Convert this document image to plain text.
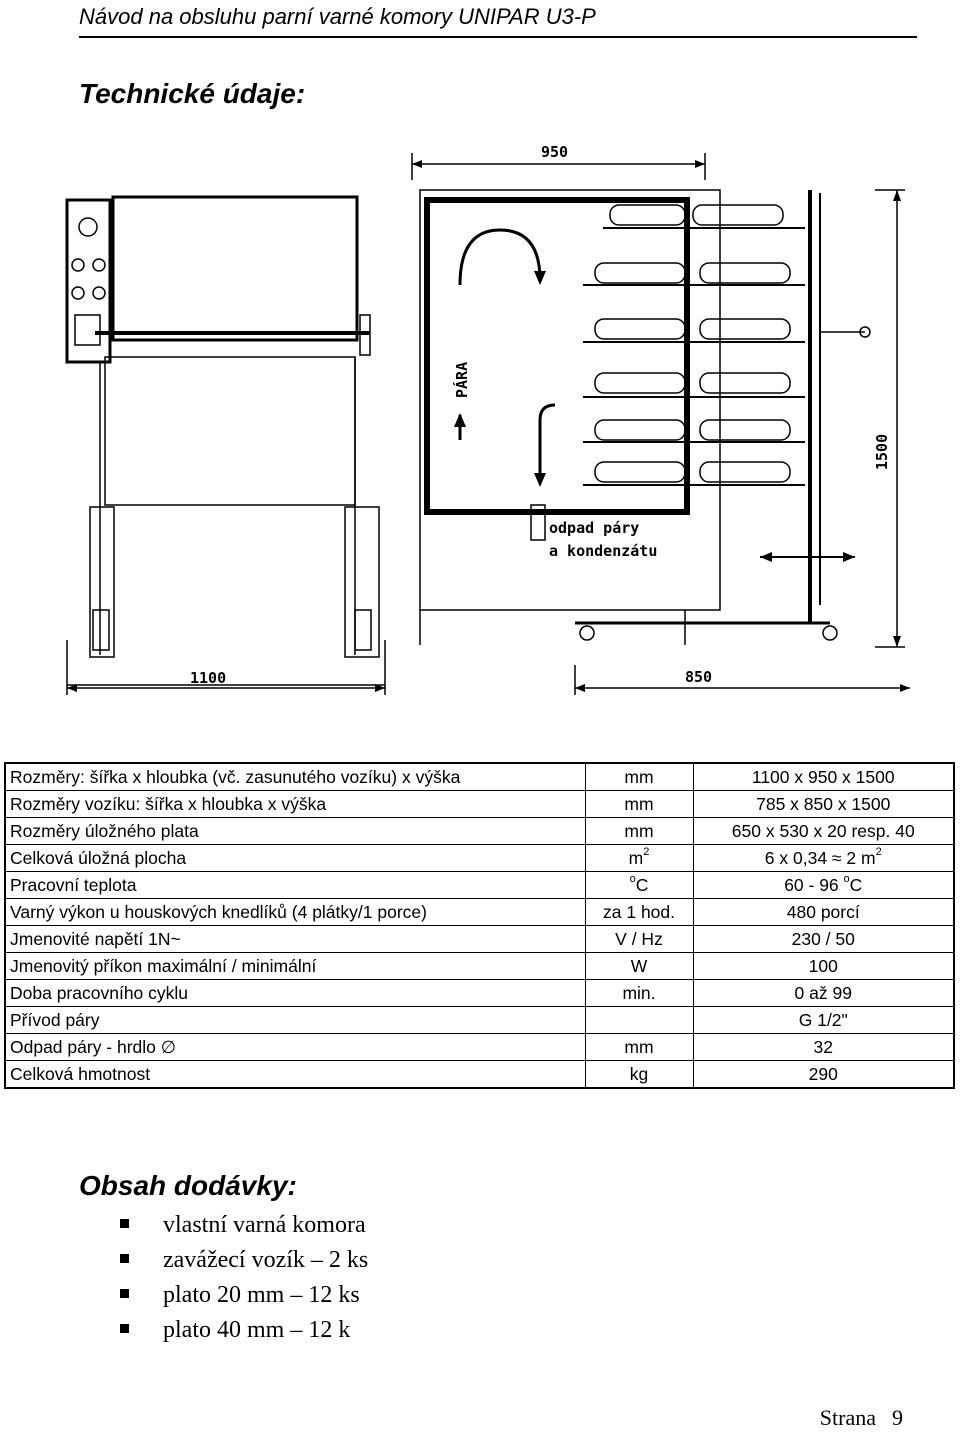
Návod na obsluhu parní varné komory UNIPAR U3-P
Technické údaje:
950
1100	850
1500
PÁRA
odpad páry
a kondenzátu
Rozměry: šířka x hloubka (vč. zasunutého vozíku) x výška	mm	1100 x 950 x 1500
Rozměry vozíku: šířka x hloubka x výška	mm	785 x 850 x 1500
Rozměry úložného plata	mm	650 x 530 x 20 resp. 40
Celková úložná plocha	$m^2$	6 x 0,34 ≈ 2 $m^2$
Pracovní teplota	$^o$C	60 - 96 $^o$C
Varný výkon u houskových knedlíků (4 plátky/1 porce)	za 1 hod.	480 porcí
Jmenovité napětí 1N~	V / Hz	230 / 50
Jmenovitý příkon maximální / minimální	W	100
Doba pracovního cyklu	min.	0 až 99
Přívod páry		G 1/2"
Odpad páry - hrdlo ∅	mm	32
Celková hmotnost	kg	290
Obsah dodávky:
vlastní varná komora
zavážecí vozík – 2 ks
plato 20 mm – 12 ks
plato 40 mm – 12 k
Strana 9
